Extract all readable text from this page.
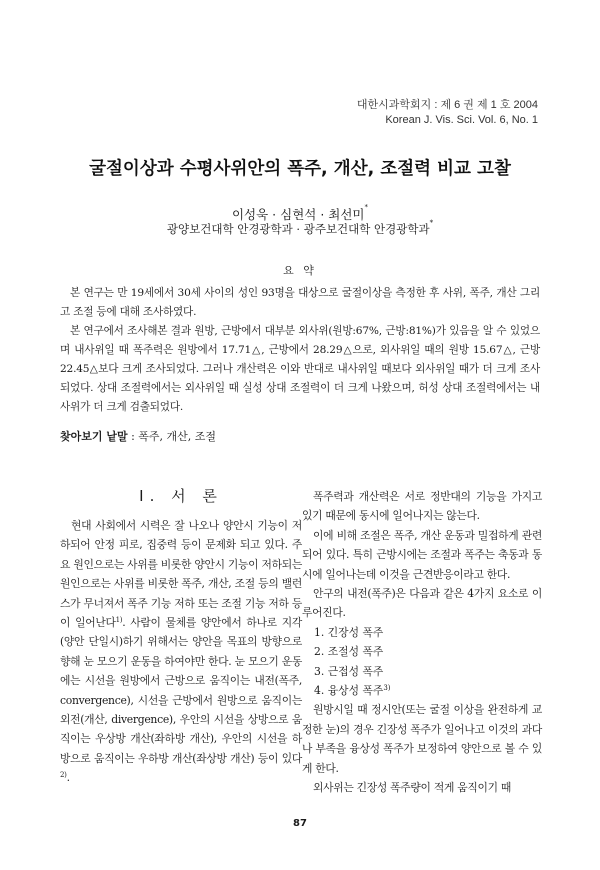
대한시과학회지 : 제 6 권 제 1 호 2004
Korean J. Vis. Sci. Vol. 6, No. 1
굴절이상과 수평사위안의 폭주, 개산, 조절력 비교 고찰
이성욱 · 심현석 · 최선미*
광양보건대학 안경광학과 · 광주보건대학 안경광학과*
요 약

본 연구는 만 19세에서 30세 사이의 성인 93명을 대상으로 굴절이상을 측정한 후 사위, 폭주, 개산 그리고 조절 등에 대해 조사하였다.

본 연구에서 조사해본 결과 원방, 근방에서 대부분 외사위(원방:67%, 근방:81%)가 있음을 알 수 있었으며 내사위일 때 폭주력은 원방에서 17.71△, 근방에서 28.29△으로, 외사위일 때의 원방 15.67△, 근방 22.45△보다 크게 조사되었다. 그러나 개산력은 이와 반대로 내사위일 때보다 외사위일 때가 더 크게 조사되었다. 상대 조절력에서는 외사위일 때 실성 상대 조절력이 더 크게 나왔으며, 허성 상대 조절력에서는 내사위가 더 크게 검출되었다.

찾아보기 낱말 : 폭주, 개산, 조절
I. 서 론

현대 사회에서 시력은 잘 나오나 양안시 기능이 저하되어 안정 피로, 집중력 등이 문제화 되고 있다. 주요 원인으로는 사위를 비롯한 양안시 기능이 저하되는 원인으로는 사위를 비롯한 폭주, 개산, 조절 등의 밸런스가 무너져서 폭주 기능 저하 또는 조절 기능 저하 등이 일어난다$^{1)}$. 사람이 물체를 양안에서 하나로 지각(양안 단일시)하기 위해서는 양안을 목표의 방향으로 향해 눈 모으기 운동을 하여야만 한다. 눈 모으기 운동에는 시선을 원방에서 근방으로 움직이는 내전(폭주, convergence), 시선을 근방에서 원방으로 움직이는 외전(개산, divergence), 우안의 시선을 상방으로 움직이는 우상방 개산(좌하방 개산), 우안의 시선을 하방으로 움직이는 우하방 개산(좌상방 개산) 등이 있다$^{2)}$.

폭주력과 개산력은 서로 정반대의 기능을 가지고 있기 때문에 동시에 일어나지는 않는다.

이에 비해 조절은 폭주, 개산 운동과 밀접하게 관련되어 있다. 특히 근방시에는 조절과 폭주는 축동과 동시에 일어나는데 이것을 근견반응이라고 한다.

안구의 내전(폭주)은 다음과 같은 4가지 요소로 이루어진다.

1. 긴장성 폭주
2. 조절성 폭주
3. 근접성 폭주
4. 융상성 폭주$^{3)}$

원방시일 때 정시안(또는 굴절 이상을 완전하게 교정한 눈)의 경우 긴장성 폭주가 일어나고 이것의 과다나 부족을 융상성 폭주가 보정하여 양안으로 볼 수 있게 한다.

외사위는 긴장성 폭주량이 적게 움직이기 때

87
